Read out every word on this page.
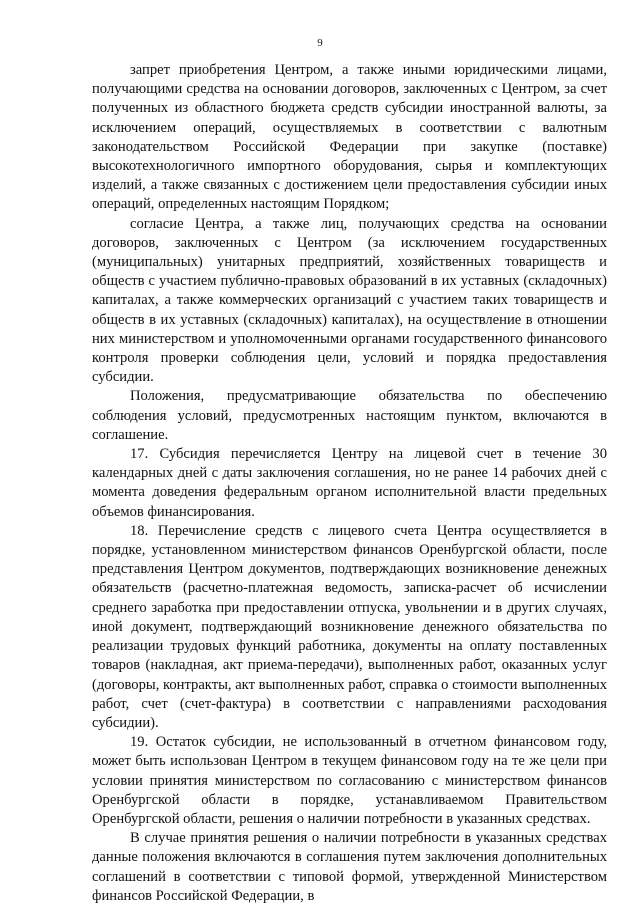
9

запрет приобретения Центром, а также иными юридическими лицами, получающими средства на основании договоров, заключенных с Центром, за счет полученных из областного бюджета средств субсидии иностранной валюты, за исключением операций, осуществляемых в соответствии с валютным законодательством Российской Федерации при закупке (поставке) высокотехнологичного импортного оборудования, сырья и комплектующих изделий, а также связанных с достижением цели предоставления субсидии иных операций, определенных настоящим Порядком;

согласие Центра, а также лиц, получающих средства на основании договоров, заключенных с Центром (за исключением государственных (муниципальных) унитарных предприятий, хозяйственных товариществ и обществ с участием публично-правовых образований в их уставных (складочных) капиталах, а также коммерческих организаций с участием таких товариществ и обществ в их уставных (складочных) капиталах), на осуществление в отношении них министерством и уполномоченными органами государственного финансового контроля проверки соблюдения цели, условий и порядка предоставления субсидии.

Положения, предусматривающие обязательства по обеспечению соблюдения условий, предусмотренных настоящим пунктом, включаются в соглашение.

17. Субсидия перечисляется Центру на лицевой счет в течение 30 календарных дней с даты заключения соглашения, но не ранее 14 рабочих дней с момента доведения федеральным органом исполнительной власти предельных объемов финансирования.

18. Перечисление средств с лицевого счета Центра осуществляется в порядке, установленном министерством финансов Оренбургской области, после представления Центром документов, подтверждающих возникновение денежных обязательств (расчетно-платежная ведомость, записка-расчет об исчислении среднего заработка при предоставлении отпуска, увольнении и в других случаях, иной документ, подтверждающий возникновение денежного обязательства по реализации трудовых функций работника, документы на оплату поставленных товаров (накладная, акт приема-передачи), выполненных работ, оказанных услуг (договоры, контракты, акт выполненных работ, справка о стоимости выполненных работ, счет (счет-фактура) в соответствии с направлениями расходования субсидии).

19. Остаток субсидии, не использованный в отчетном финансовом году, может быть использован Центром в текущем финансовом году на те же цели при условии принятия министерством по согласованию с министерством финансов Оренбургской области в порядке, устанавливаемом Правительством Оренбургской области, решения о наличии потребности в указанных средствах.

В случае принятия решения о наличии потребности в указанных средствах данные положения включаются в соглашения путем заключения дополнительных соглашений в соответствии с типовой формой, утвержденной Министерством финансов Российской Федерации, в
